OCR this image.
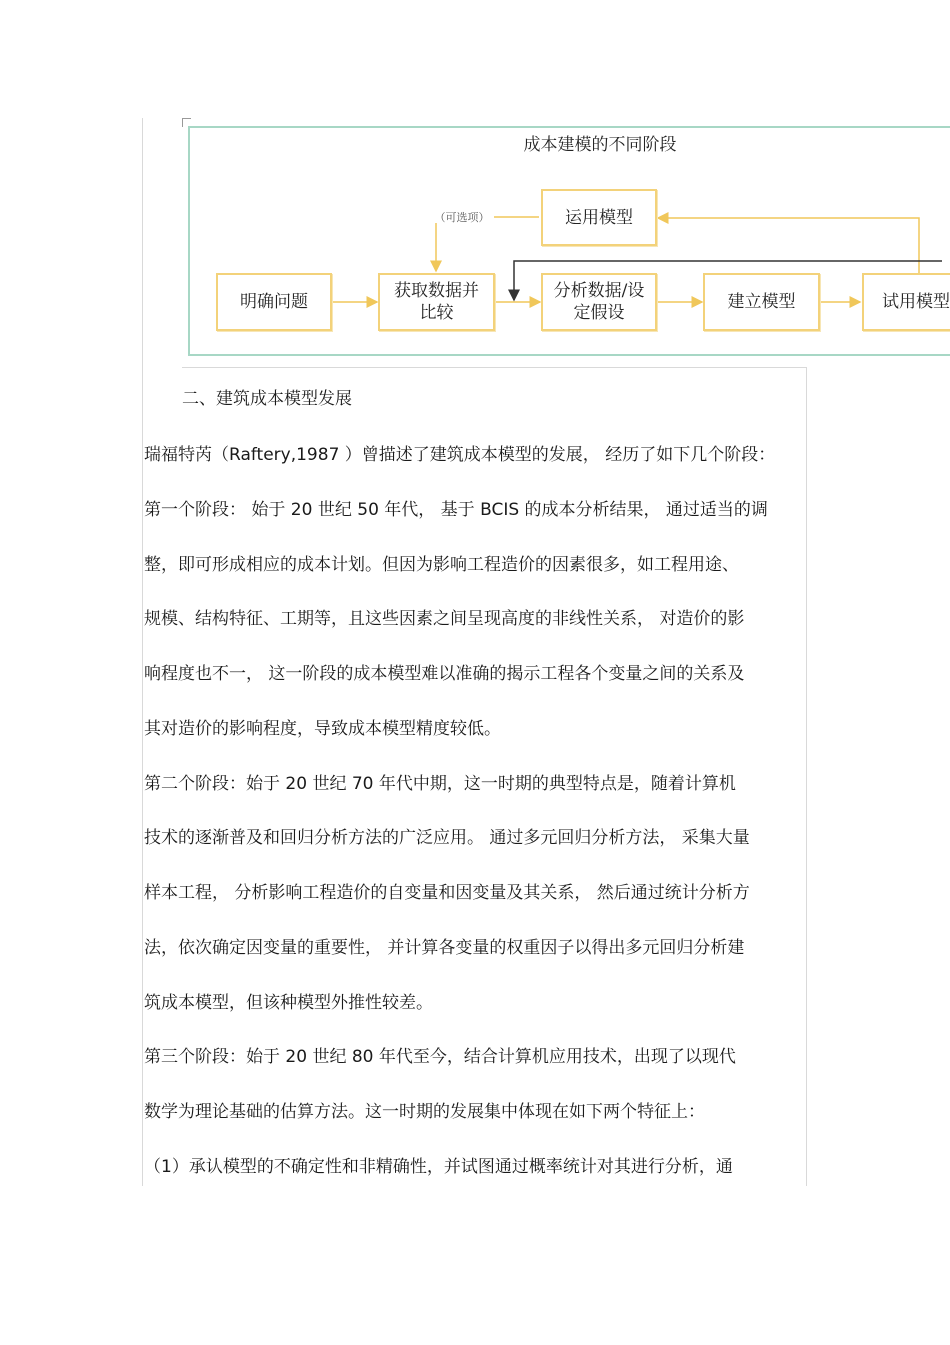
成本建模的不同阶段
（可选项）	运用模型
明确问题
获取数据并
比较
分析数据/设
定假设
建立模型	试用模型
二、建筑成本模型发展
瑞福特芮（Raftery,1987 ）曾描述了建筑成本模型的发展， 经历了如下几个阶段：
第一个阶段： 始于 20 世纪 50 年代， 基于 BCIS 的成本分析结果， 通过适当的调
整，即可形成相应的成本计划。但因为影响工程造价的因素很多，如工程用途、
规模、结构特征、工期等，且这些因素之间呈现高度的非线性关系， 对造价的影
响程度也不一， 这一阶段的成本模型难以准确的揭示工程各个变量之间的关系及
其对造价的影响程度，导致成本模型精度较低。
第二个阶段：始于 20 世纪 70 年代中期，这一时期的典型特点是，随着计算机
技术的逐渐普及和回归分析方法的广泛应用。 通过多元回归分析方法， 采集大量
样本工程， 分析影响工程造价的自变量和因变量及其关系， 然后通过统计分析方
法，依次确定因变量的重要性， 并计算各变量的权重因子以得出多元回归分析建
筑成本模型，但该种模型外推性较差。
第三个阶段：始于 20 世纪 80 年代至今，结合计算机应用技术，出现了以现代
数学为理论基础的估算方法。这一时期的发展集中体现在如下两个特征上：
（1）承认模型的不确定性和非精确性，并试图通过概率统计对其进行分析，通
